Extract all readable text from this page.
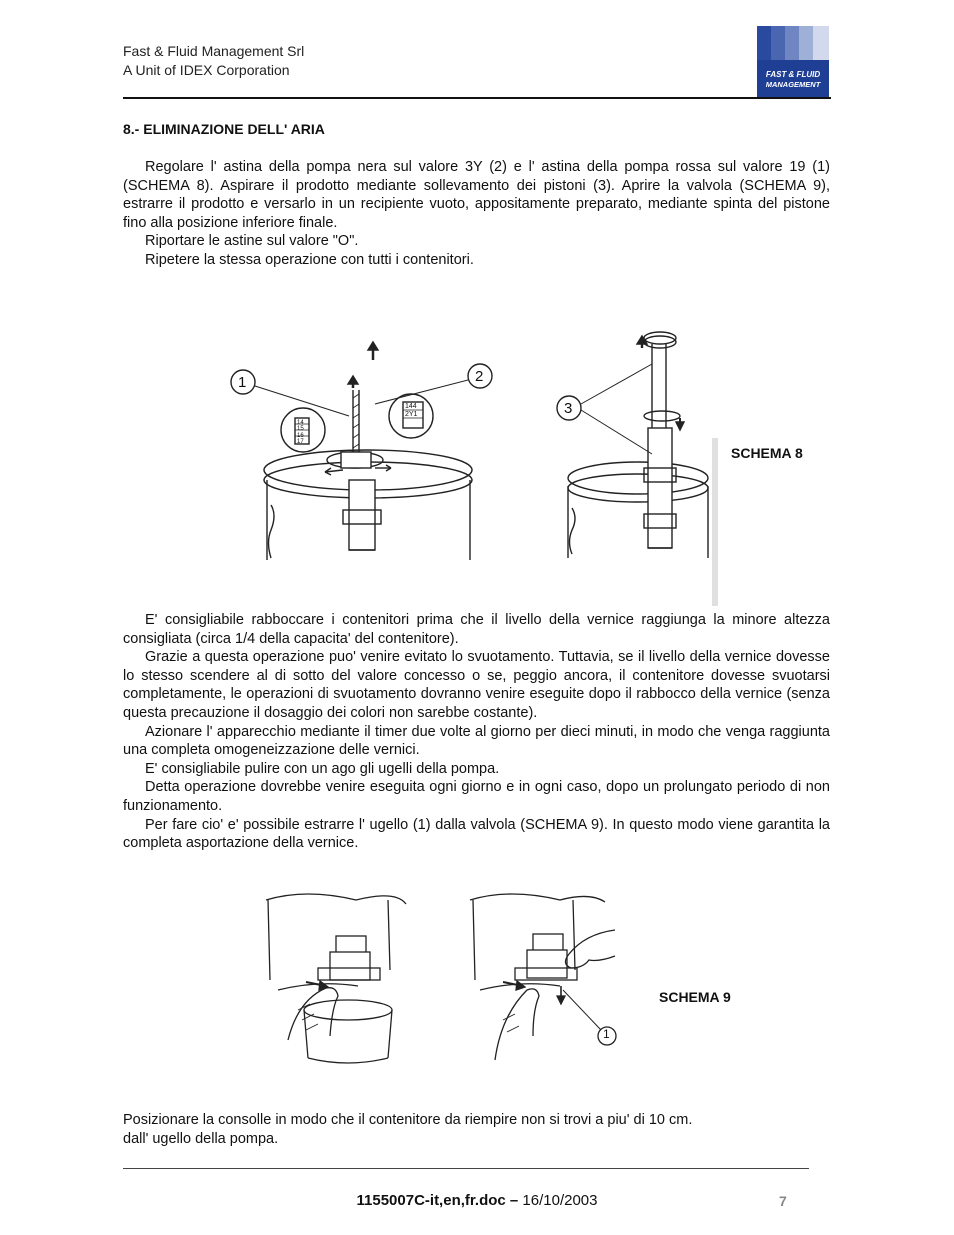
Fast & Fluid Management Srl
A Unit of IDEX Corporation	FAST & FLUID
MANAGEMENT
8.- ELIMINAZIONE DELL' ARIA

Regolare l' astina della pompa nera sul valore 3Y (2) e l' astina della pompa rossa sul valore 19 (1) (SCHEMA 8). Aspirare il prodotto mediante sollevamento dei pistoni (3). Aprire la valvola (SCHEMA 9), estrarre il prodotto e versarlo in un recipiente vuoto, appositamente preparato, mediante spinta del pistone fino alla posizione inferiore finale.

Riportare le astine sul valore "O".

Ripetere la stessa operazione con tutti i contenitori.

1	2
14
15
16
17
144
2Y1	3
SCHEMA 8

E' consigliabile rabboccare i contenitori prima che il livello della vernice raggiunga la minore altezza consigliata (circa 1/4 della capacita' del contenitore).

Grazie a questa operazione puo' venire evitato lo svuotamento. Tuttavia, se il livello della vernice dovesse lo stesso scendere al di sotto del valore concesso o se, peggio ancora, il contenitore dovesse svuotarsi completamente, le operazioni di svuotamento dovranno venire eseguite dopo il rabbocco della vernice (senza questa precauzione il dosaggio dei colori non sarebbe costante).

Azionare l' apparecchio mediante il timer due volte al giorno per dieci minuti, in modo che venga raggiunta una completa omogeneizzazione delle vernici.

E' consigliabile pulire con un ago gli ugelli della pompa.

Detta operazione dovrebbe venire eseguita ogni giorno e in ogni caso, dopo un prolungato periodo di non funzionamento.

Per fare cio' e' possibile estrarre l' ugello (1) dalla valvola (SCHEMA 9). In questo modo viene garantita la completa asportazione della vernice.

1
SCHEMA 9

Posizionare la consolle in modo che il contenitore da riempire non si trovi a piu' di 10 cm.

dall' ugello della pompa.

1155007C-it,en,fr.doc – 16/10/2003	7
